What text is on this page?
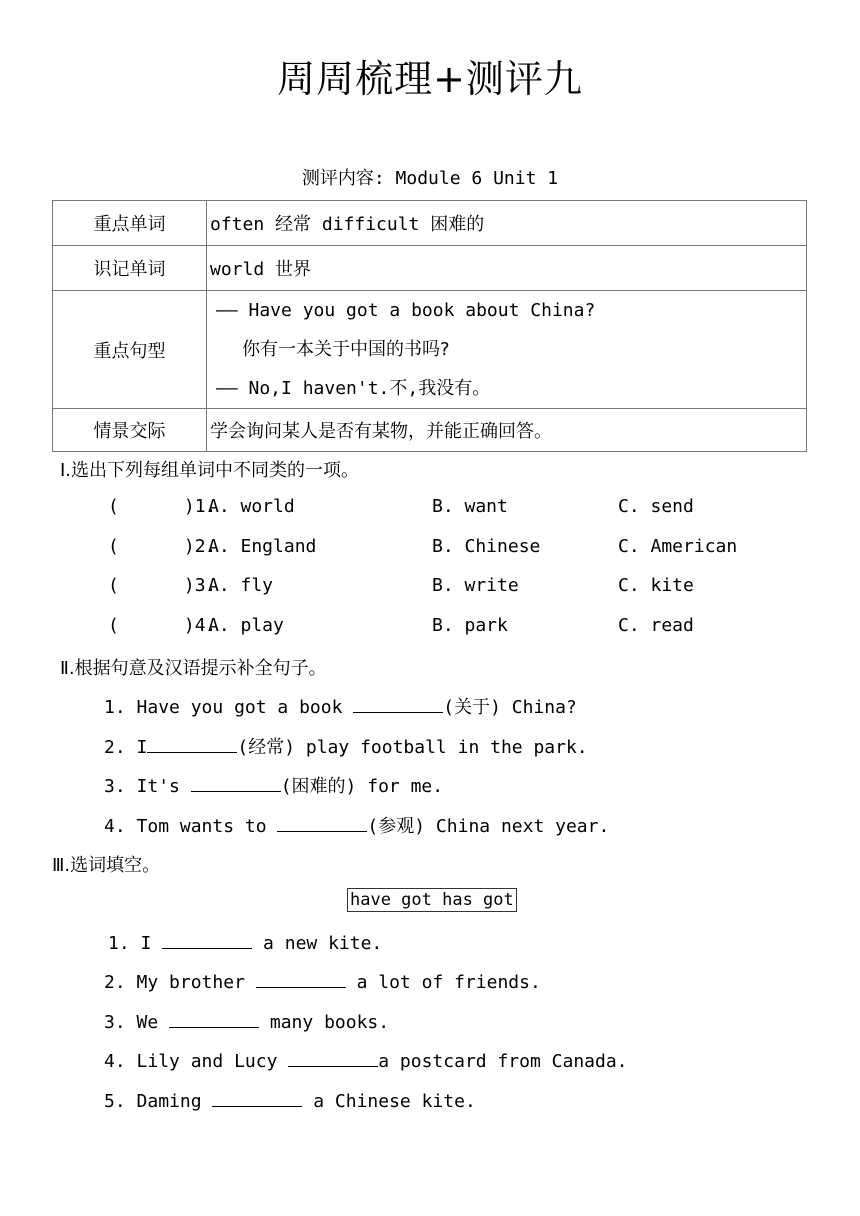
周周梳理+测评九
测评内容: Module 6 Unit 1
重点单词	often 经常 difficult 困难的
识记单词	world 世界
重点句型	—— Have you got a book about China?
你有一本关于中国的书吗?
—— No,I haven't.不,我没有。

情景交际	学会询问某人是否有某物，并能正确回答。
Ⅰ.选出下列每组单词中不同类的一项。
(      )1.
A. world	B. want	C. send
(      )2.
A. England	B. Chinese	C. American
(      )3.
A. fly	B. write	C. kite
(      )4.
A. play	B. park	C. read
Ⅱ.根据句意及汉语提示补全句子。
1. Have you got a book	(关于) China?
2. I	(经常) play football in the park.
3. It's	(困难的) for me.
4. Tom wants to	(参观) China next year.
Ⅲ.选词填空。
have got has got
1. I	a new kite.
2. My brother	a lot of friends.
3. We	many books.
4. Lily and Lucy	a postcard from Canada.
5. Daming	a Chinese kite.
